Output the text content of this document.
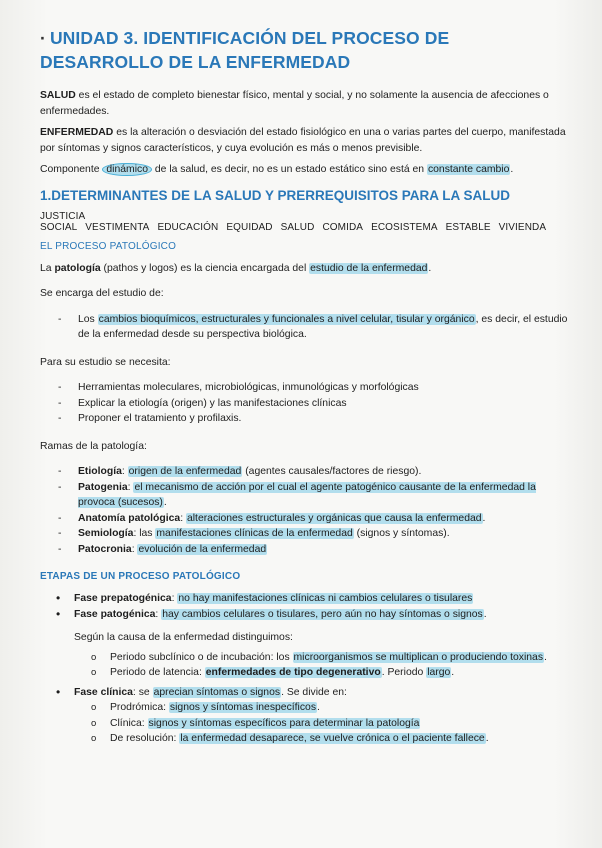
· UNIDAD 3. IDENTIFICACIÓN DEL PROCESO DE DESARROLLO DE LA ENFERMEDAD

SALUD es el estado de completo bienestar físico, mental y social, y no solamente la ausencia de afecciones o enfermedades.

ENFERMEDAD es la alteración o desviación del estado fisiológico en una o varias partes del cuerpo, manifestada por síntomas y signos característicos, y cuya evolución es más o menos previsible.

Componente dinámico de la salud, es decir, no es un estado estático sino está en constante cambio.

1.DETERMINANTES DE LA SALUD Y PRERREQUISITOS PARA LA SALUD
JUSTICIA SOCIAL VESTIMENTA EDUCACIÓN EQUIDAD SALUD COMIDA ECOSISTEMA ESTABLE VIVIENDA
EL PROCESO PATOLÓGICO

La patología (pathos y logos) es la ciencia encargada del estudio de la enfermedad.

Se encarga del estudio de:

- Los cambios bioquímicos, estructurales y funcionales a nivel celular, tisular y orgánico, es decir, el estudio de la enfermedad desde su perspectiva biológica.

Para su estudio se necesita:

- Herramientas moleculares, microbiológicas, inmunológicas y morfológicas
- Explicar la etiología (origen) y las manifestaciones clínicas
- Proponer el tratamiento y profilaxis.

Ramas de la patología:

- Etiología: origen de la enfermedad (agentes causales/factores de riesgo).
- Patogenia: el mecanismo de acción por el cual el agente patogénico causante de la enfermedad la provoca (sucesos).
- Anatomía patológica: alteraciones estructurales y orgánicas que causa la enfermedad.
- Semiología: las manifestaciones clínicas de la enfermedad (signos y síntomas).
- Patocronia: evolución de la enfermedad
ETAPAS DE UN PROCESO PATOLÓGICO
• Fase prepatogénica: no hay manifestaciones clínicas ni cambios celulares o tisulares
• Fase patogénica: hay cambios celulares o tisulares, pero aún no hay síntomas o signos.

Según la causa de la enfermedad distinguimos:

o Periodo subclínico o de incubación: los microorganismos se multiplican o produciendo toxinas.
o Periodo de latencia: enfermedades de tipo degenerativo. Periodo largo.
• Fase clínica: se aprecian síntomas o signos. Se divide en:
o Prodrómica: signos y síntomas inespecíficos.
o Clínica: signos y síntomas específicos para determinar la patología
o De resolución: la enfermedad desaparece, se vuelve crónica o el paciente fallece.
